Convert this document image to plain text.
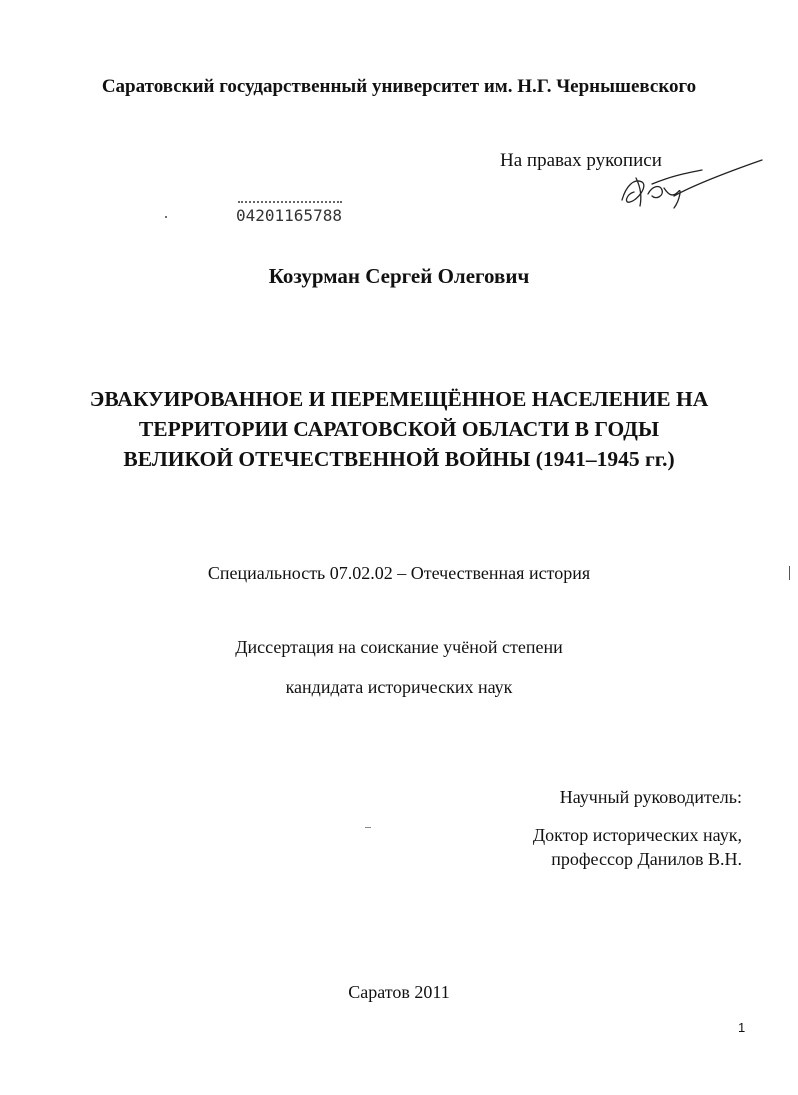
Саратовский государственный университет им. Н.Г. Чернышевского
На правах рукописи
04201165788
Козурман Сергей Олегович
ЭВАКУИРОВАННОЕ И ПЕРЕМЕЩЁННОЕ НАСЕЛЕНИЕ НА
ТЕРРИТОРИИ САРАТОВСКОЙ ОБЛАСТИ В ГОДЫ
ВЕЛИКОЙ ОТЕЧЕСТВЕННОЙ ВОЙНЫ (1941–1945 гг.)
Специальность 07.02.02 – Отечественная история
Диссертация на соискание учёной степени
кандидата исторических наук
Научный руководитель:
Доктор исторических наук,
профессор Данилов В.Н.
Саратов 2011
1
